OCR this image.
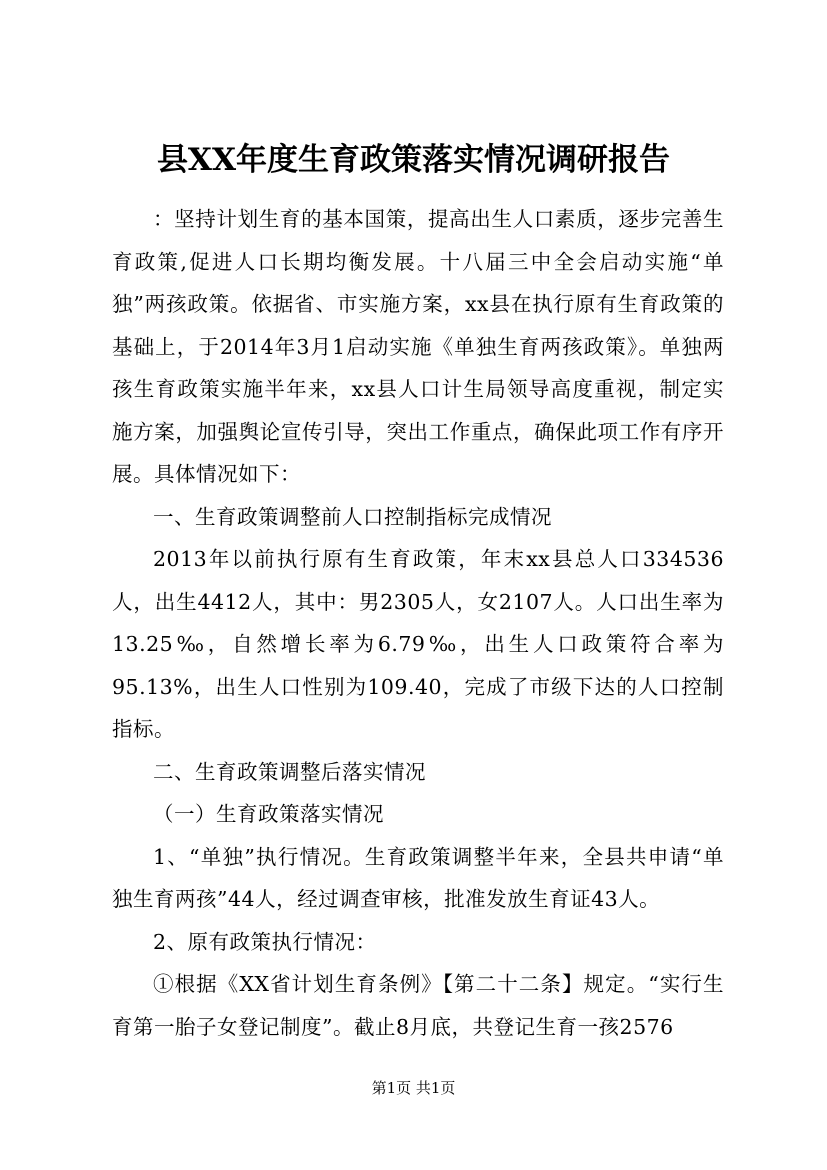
县XX年度生育政策落实情况调研报告

：坚持计划生育的基本国策，提高出生人口素质，逐步完善生育政策,促进人口长期均衡发展。十八届三中全会启动实施“单独”两孩政策。依据省、市实施方案，xx县在执行原有生育政策的基础上，于2014年3月1启动实施《单独生育两孩政策》。单独两孩生育政策实施半年来，xx县人口计生局领导高度重视，制定实施方案，加强舆论宣传引导，突出工作重点，确保此项工作有序开展。具体情况如下：

一、生育政策调整前人口控制指标完成情况

2013年以前执行原有生育政策，年末xx县总人口334536人，出生4412人，其中：男2305人，女2107人。人口出生率为13.25‰，自然增长率为6.79‰，出生人口政策符合率为95.13%，出生人口性别为109.40，完成了市级下达的人口控制指标。

二、生育政策调整后落实情况

（一）生育政策落实情况

1、“单独”执行情况。生育政策调整半年来，全县共申请“单独生育两孩”44人，经过调查审核，批准发放生育证43人。

2、原有政策执行情况：

①根据《XX省计划生育条例》【第二十二条】规定。“实行生育第一胎子女登记制度”。截止8月底，共登记生育一孩2576

第1页 共1页
